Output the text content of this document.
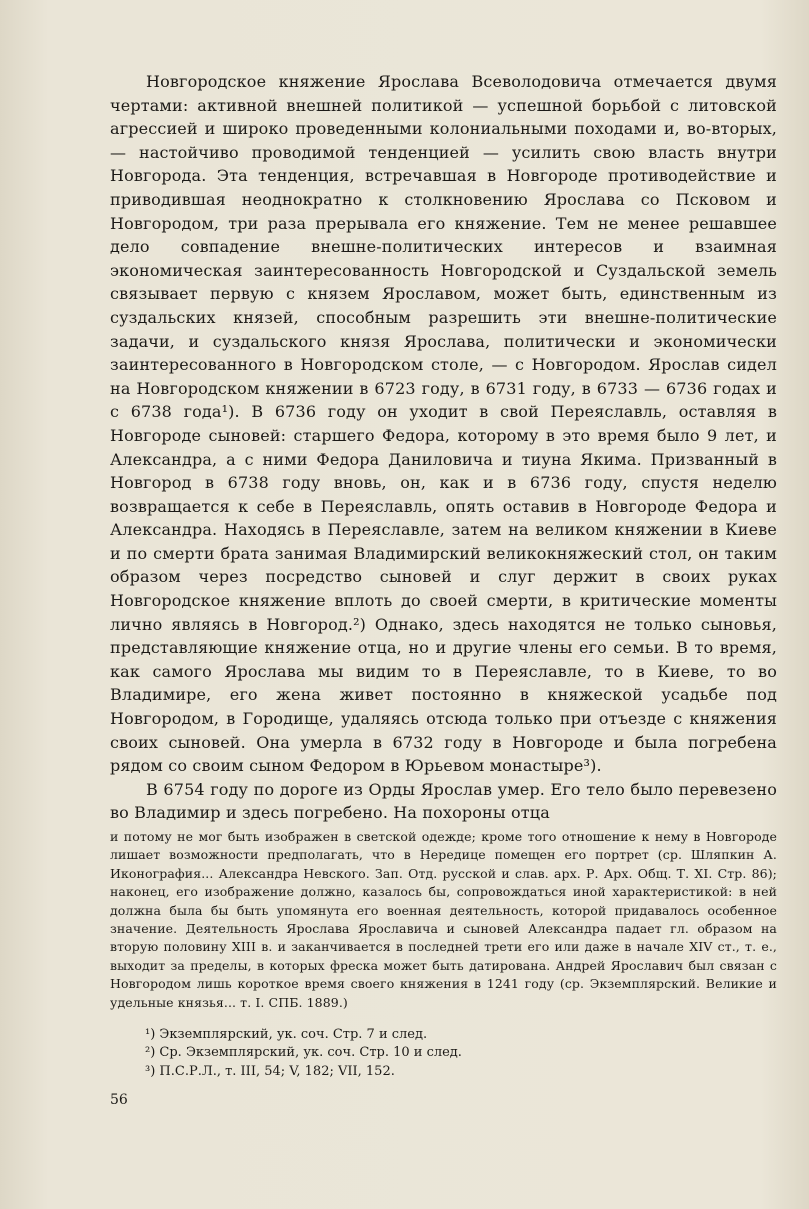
Новгородское княжение Ярослава Всеволодовича отмечается двумя чертами: активной внешней политикой — успешной борьбой с литовской агрессией и широко проведенными колониальными походами и, во-вторых, — настойчиво проводимой тенденцией — усилить свою власть внутри Новгорода. Эта тенденция, встречавшая в Новгороде противодействие и приводившая неоднократно к столкновению Ярослава со Псковом и Новгородом, три раза прерывала его княжение. Тем не менее решавшее дело совпадение внешне-политических интересов и взаимная экономическая заинтересованность Новгородской и Суздальской земель связывает первую с князем Ярославом, может быть, единственным из суздальских князей, способным разрешить эти внешне-политические задачи, и суздальского князя Ярослава, политически и экономически заинтересованного в Новгородском столе, — с Новгородом. Ярослав сидел на Новгородском княжении в 6723 году, в 6731 году, в 6733 — 6736 годах и с 6738 года¹). В 6736 году он уходит в свой Переяславль, оставляя в Новгороде сыновей: старшего Федора, которому в это время было 9 лет, и Александра, а с ними Федора Даниловича и тиуна Якима. Призванный в Новгород в 6738 году вновь, он, как и в 6736 году, спустя неделю возвращается к себе в Переяславль, опять оставив в Новгороде Федора и Александра. Находясь в Переяславле, затем на великом княжении в Киеве и по смерти брата занимая Владимирский великокняжеский стол, он таким образом через посредство сыновей и слуг держит в своих руках Новгородское княжение вплоть до своей смерти, в критические моменты лично являясь в Новгород.²) Однако, здесь находятся не только сыновья, представляющие княжение отца, но и другие члены его семьи. В то время, как самого Ярослава мы видим то в Переяславле, то в Киеве, то во Владимире, его жена живет постоянно в княжеской усадьбе под Новгородом, в Городище, удаляясь отсюда только при отъезде с княжения своих сыновей. Она умерла в 6732 году в Новгороде и была погребена рядом со своим сыном Федором в Юрьевом монастыре³).

В 6754 году по дороге из Орды Ярослав умер. Его тело было перевезено во Владимир и здесь погребено. На похороны отца

и потому не мог быть изображен в светской одежде; кроме того отношение к нему в Новгороде лишает возможности предполагать, что в Нередице помещен его портрет (ср. Шляпкин А. Иконография... Александра Невского. Зап. Отд. русской и слав. арх. Р. Арх. Общ. Т. XI. Стр. 86); наконец, его изображение должно, казалось бы, сопровождаться иной характеристикой: в ней должна была бы быть упомянута его военная деятельность, которой придавалось особенное значение. Деятельность Ярослава Ярославича и сыновей Александра падает гл. образом на вторую половину XIII в. и заканчивается в последней трети его или даже в начале XIV ст., т. е., выходит за пределы, в которых фреска может быть датирована. Андрей Ярославич был связан с Новгородом лишь короткое время своего княжения в 1241 году (ср. Экземплярский. Великие и удельные князья... т. I. СПБ. 1889.)

¹) Экземплярский, ук. соч. Стр. 7 и след.
²) Ср. Экземплярский, ук. соч. Стр. 10 и след.
³) П.С.Р.Л., т. III, 54; V, 182; VII, 152.
56
